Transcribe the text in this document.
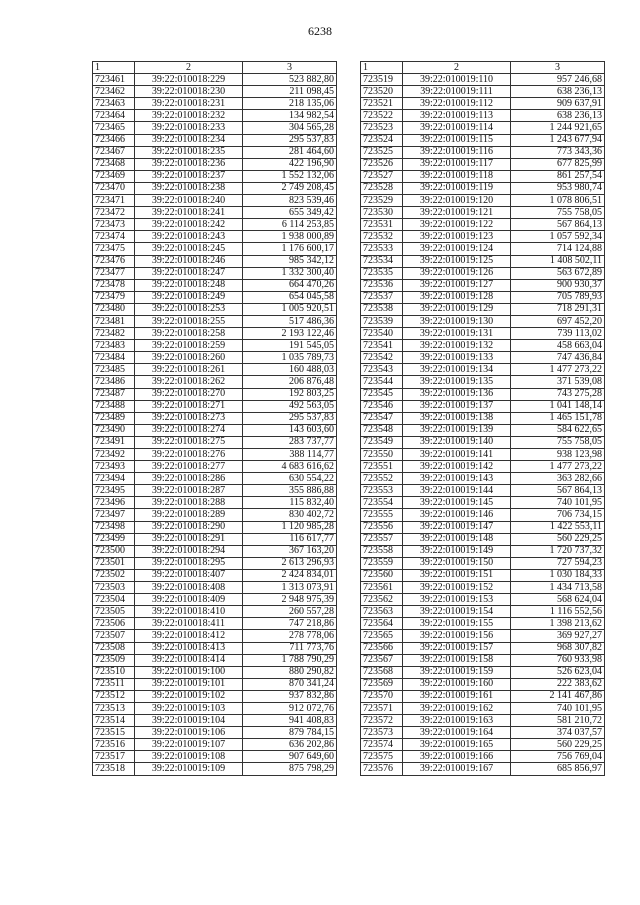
6238
1	2	3
723461	39:22:010018:229	523 882,80
723462	39:22:010018:230	211 098,45
723463	39:22:010018:231	218 135,06
723464	39:22:010018:232	134 982,54
723465	39:22:010018:233	304 565,28
723466	39:22:010018:234	295 537,83
723467	39:22:010018:235	281 464,60
723468	39:22:010018:236	422 196,90
723469	39:22:010018:237	1 552 132,06
723470	39:22:010018:238	2 749 208,45
723471	39:22:010018:240	823 539,46
723472	39:22:010018:241	655 349,42
723473	39:22:010018:242	6 114 253,85
723474	39:22:010018:243	1 938 000,89
723475	39:22:010018:245	1 176 600,17
723476	39:22:010018:246	985 342,12
723477	39:22:010018:247	1 332 300,40
723478	39:22:010018:248	664 470,26
723479	39:22:010018:249	654 045,58
723480	39:22:010018:253	1 005 920,51
723481	39:22:010018:255	517 486,36
723482	39:22:010018:258	2 193 122,46
723483	39:22:010018:259	191 545,05
723484	39:22:010018:260	1 035 789,73
723485	39:22:010018:261	160 488,03
723486	39:22:010018:262	206 876,48
723487	39:22:010018:270	192 803,25
723488	39:22:010018:271	492 563,05
723489	39:22:010018:273	295 537,83
723490	39:22:010018:274	143 603,60
723491	39:22:010018:275	283 737,77
723492	39:22:010018:276	388 114,77
723493	39:22:010018:277	4 683 616,62
723494	39:22:010018:286	630 554,22
723495	39:22:010018:287	355 886,88
723496	39:22:010018:288	115 832,40
723497	39:22:010018:289	830 402,72
723498	39:22:010018:290	1 120 985,28
723499	39:22:010018:291	116 617,77
723500	39:22:010018:294	367 163,20
723501	39:22:010018:295	2 613 296,93
723502	39:22:010018:407	2 424 834,01
723503	39:22:010018:408	1 313 073,91
723504	39:22:010018:409	2 948 975,39
723505	39:22:010018:410	260 557,28
723506	39:22:010018:411	747 218,86
723507	39:22:010018:412	278 778,06
723508	39:22:010018:413	711 773,76
723509	39:22:010018:414	1 788 790,29
723510	39:22:010019:100	880 290,82
723511	39:22:010019:101	870 341,24
723512	39:22:010019:102	937 832,86
723513	39:22:010019:103	912 072,76
723514	39:22:010019:104	941 408,83
723515	39:22:010019:106	879 784,15
723516	39:22:010019:107	636 202,86
723517	39:22:010019:108	907 649,60
723518	39:22:010019:109	875 798,29
1	2	3
723519	39:22:010019:110	957 246,68
723520	39:22:010019:111	638 236,13
723521	39:22:010019:112	909 637,91
723522	39:22:010019:113	638 236,13
723523	39:22:010019:114	1 244 921,65
723524	39:22:010019:115	1 243 677,94
723525	39:22:010019:116	773 343,36
723526	39:22:010019:117	677 825,99
723527	39:22:010019:118	861 257,54
723528	39:22:010019:119	953 980,74
723529	39:22:010019:120	1 078 806,51
723530	39:22:010019:121	755 758,05
723531	39:22:010019:122	567 864,13
723532	39:22:010019:123	1 057 592,34
723533	39:22:010019:124	714 124,88
723534	39:22:010019:125	1 408 502,11
723535	39:22:010019:126	563 672,89
723536	39:22:010019:127	900 930,37
723537	39:22:010019:128	705 789,93
723538	39:22:010019:129	718 291,31
723539	39:22:010019:130	697 452,20
723540	39:22:010019:131	739 113,02
723541	39:22:010019:132	458 663,04
723542	39:22:010019:133	747 436,84
723543	39:22:010019:134	1 477 273,22
723544	39:22:010019:135	371 539,08
723545	39:22:010019:136	743 275,28
723546	39:22:010019:137	1 041 148,14
723547	39:22:010019:138	1 465 151,78
723548	39:22:010019:139	584 622,65
723549	39:22:010019:140	755 758,05
723550	39:22:010019:141	938 123,98
723551	39:22:010019:142	1 477 273,22
723552	39:22:010019:143	363 282,66
723553	39:22:010019:144	567 864,13
723554	39:22:010019:145	740 101,95
723555	39:22:010019:146	706 734,15
723556	39:22:010019:147	1 422 553,11
723557	39:22:010019:148	560 229,25
723558	39:22:010019:149	1 720 737,32
723559	39:22:010019:150	727 594,23
723560	39:22:010019:151	1 030 184,33
723561	39:22:010019:152	1 434 713,58
723562	39:22:010019:153	568 624,04
723563	39:22:010019:154	1 116 552,56
723564	39:22:010019:155	1 398 213,62
723565	39:22:010019:156	369 927,27
723566	39:22:010019:157	968 307,82
723567	39:22:010019:158	760 933,98
723568	39:22:010019:159	526 623,04
723569	39:22:010019:160	222 383,62
723570	39:22:010019:161	2 141 467,86
723571	39:22:010019:162	740 101,95
723572	39:22:010019:163	581 210,72
723573	39:22:010019:164	374 037,57
723574	39:22:010019:165	560 229,25
723575	39:22:010019:166	756 769,04
723576	39:22:010019:167	685 856,97
